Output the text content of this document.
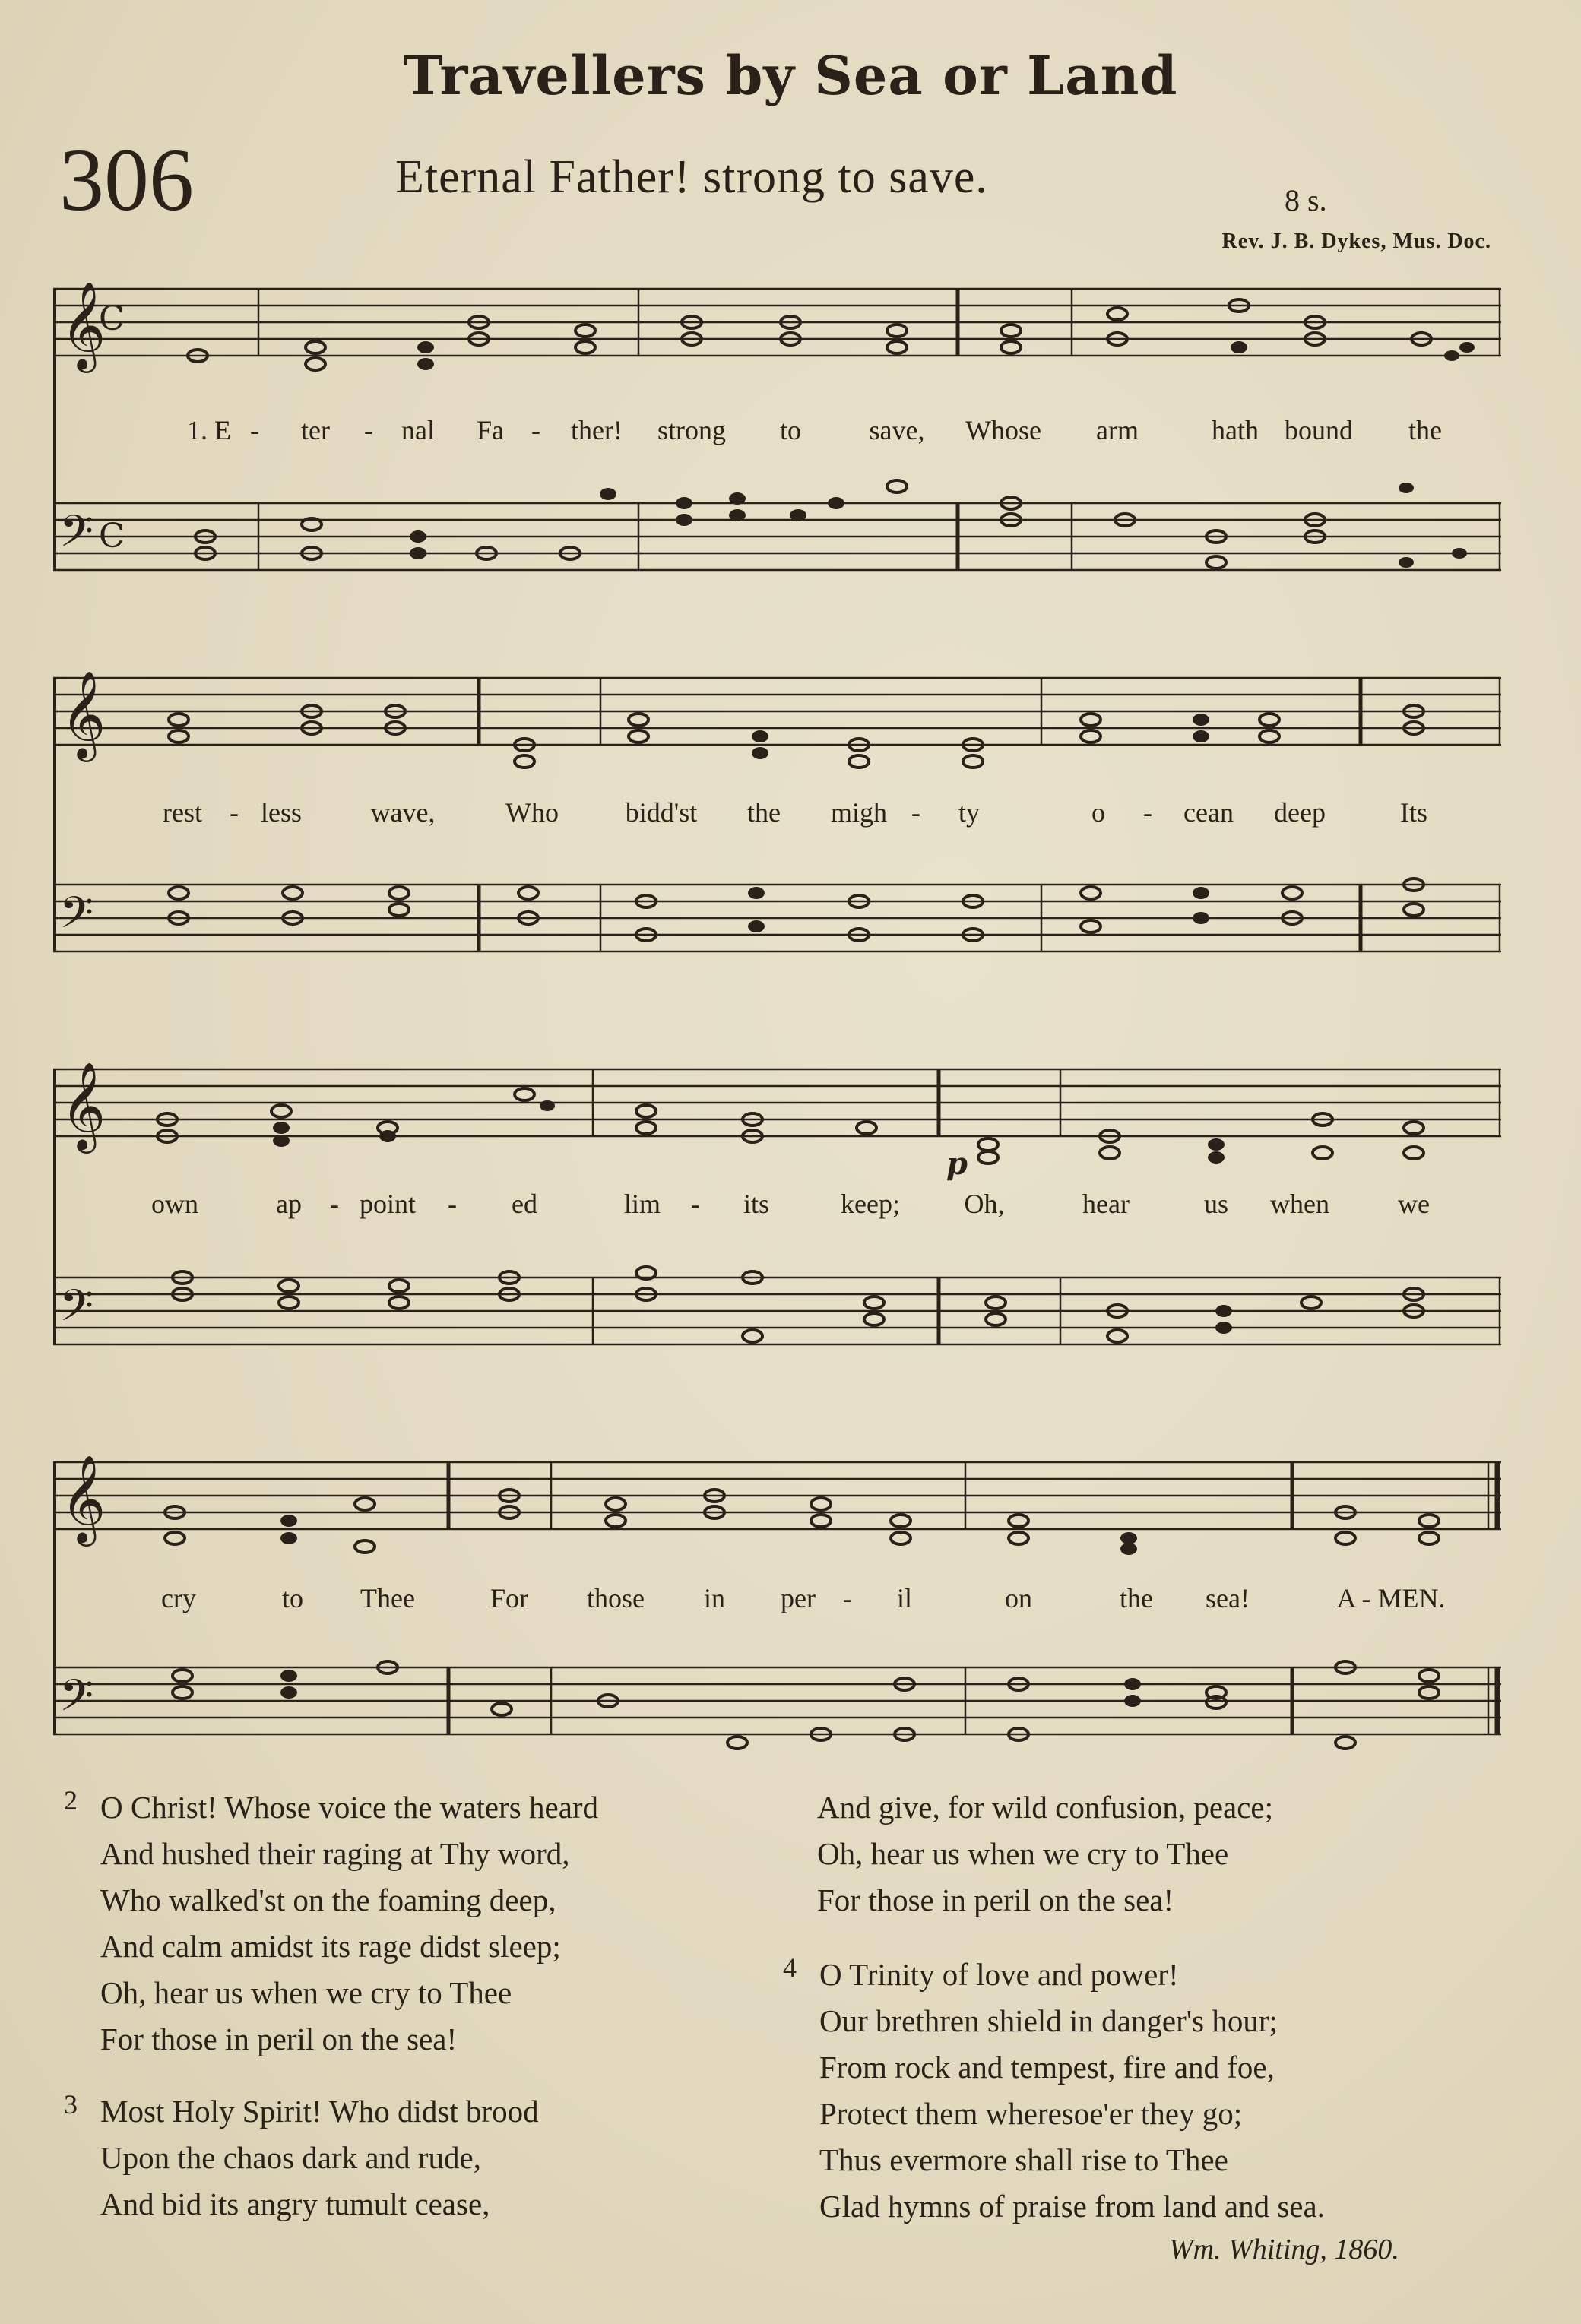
Travellers by Sea or Land
306	Eternal Father! strong to save.	8 s.
Rev. J. B. Dykes, Mus. Doc.
𝄞
C
𝄢 C
1. E - ter - nal Fa - ther! strong to save, Whose arm	hath bound the
𝄞
𝄢
rest - less	wave,	Who bidd'st the migh - ty	o - cean deep	Its
𝄞
𝄢
p
own	ap - point - ed	lim - its	keep; Oh,	hear	us when	we
𝄞
𝄢
cry	to Thee	For those in per - il	on	the sea!	A - MEN.
2 O Christ! Whose voice the waters heard
And hushed their raging at Thy word,
Who walked'st on the foaming deep,
And calm amidst its rage didst sleep;
Oh, hear us when we cry to Thee
For those in peril on the sea!
3 Most Holy Spirit! Who didst brood
Upon the chaos dark and rude,
And bid its angry tumult cease,
And give, for wild confusion, peace;
Oh, hear us when we cry to Thee
For those in peril on the sea!
4 O Trinity of love and power!
Our brethren shield in danger's hour;
From rock and tempest, fire and foe,
Protect them wheresoe'er they go;
Thus evermore shall rise to Thee
Glad hymns of praise from land and sea.
Wm. Whiting, 1860.
